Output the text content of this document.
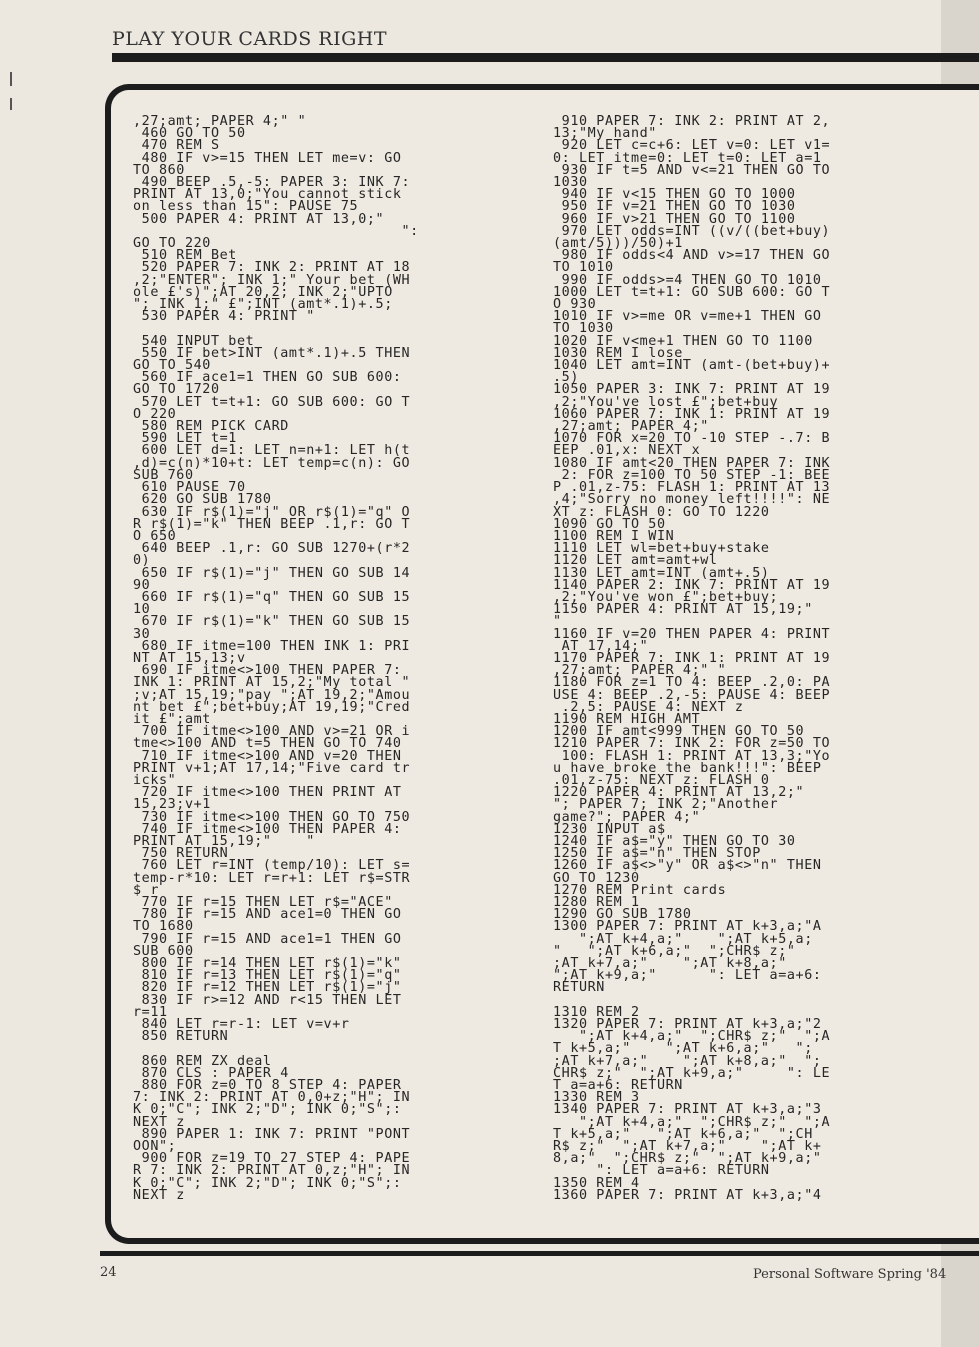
PLAY YOUR CARDS RIGHT
,27;amt; PAPER 4;" "
460 GO TO 50
470 REM S
480 IF v>=15 THEN LET me=v: GO
TO 860
490 BEEP .5,-5: PAPER 3: INK 7:
PRINT AT 13,0;"You cannot stick
on less than 15": PAUSE 75
500 PAPER 4: PRINT AT 13,0;"
":
GO TO 220
510 REM Bet
520 PAPER 7: INK 2: PRINT AT 18
,2;"ENTER"; INK 1;" Your bet (WH
ole £'s)";AT 20,2; INK 2;"UPTO
"; INK 1;" £";INT (amt*.1)+.5;
530 PAPER 4: PRINT "

540 INPUT bet
550 IF bet>INT (amt*.1)+.5 THEN
GO TO 540
560 IF ace1=1 THEN GO SUB 600:
GO TO 1720
570 LET t=t+1: GO SUB 600: GO T
O 220
580 REM PICK CARD
590 LET t=1
600 LET d=1: LET n=n+1: LET h(t
,d)=c(n)*10+t: LET temp=c(n): GO
SUB 760
610 PAUSE 70
620 GO SUB 1780
630 IF r$(1)="j" OR r$(1)="q" O
R r$(1)="k" THEN BEEP .1,r: GO T
O 650
640 BEEP .1,r: GO SUB 1270+(r*2
0)
650 IF r$(1)="j" THEN GO SUB 14
90
660 IF r$(1)="q" THEN GO SUB 15
10
670 IF r$(1)="k" THEN GO SUB 15
30
680 IF itme=100 THEN INK 1: PRI
NT AT 15,13;v
690 IF itme<>100 THEN PAPER 7:
INK 1: PRINT AT 15,2;"My total "
;v;AT 15,19;"pay ";AT 19,2;"Amou
nt bet £";bet+buy;AT 19,19;"Cred
it £";amt
700 IF itme<>100 AND v>=21 OR i
tme<>100 AND t=5 THEN GO TO 740
710 IF itme<>100 AND v=20 THEN
PRINT v+1;AT 17,14;"Five card tr
icks"
720 IF itme<>100 THEN PRINT AT
15,23;v+1
730 IF itme<>100 THEN GO TO 750
740 IF itme<>100 THEN PAPER 4:
PRINT AT 15,19;"    "
750 RETURN
760 LET r=INT (temp/10): LET s=
temp-r*10: LET r=r+1: LET r$=STR
$ r
770 IF r=15 THEN LET r$="ACE"
780 IF r=15 AND ace1=0 THEN GO
TO 1680
790 IF r=15 AND ace1=1 THEN GO
SUB 600
800 IF r=14 THEN LET r$(1)="k"
810 IF r=13 THEN LET r$(1)="q"
820 IF r=12 THEN LET r$(1)="j"
830 IF r>=12 AND r<15 THEN LET
r=11
840 LET r=r-1: LET v=v+r
850 RETURN

860 REM ZX deal
870 CLS : PAPER 4
880 FOR z=0 TO 8 STEP 4: PAPER
7: INK 2: PRINT AT 0,0+z;"H"; IN
K 0;"C"; INK 2;"D"; INK 0;"S";:
NEXT z
890 PAPER 1: INK 7: PRINT "PONT
OON";
900 FOR z=19 TO 27 STEP 4: PAPE
R 7: INK 2: PRINT AT 0,z;"H"; IN
K 0;"C"; INK 2;"D"; INK 0;"S";:
NEXT z
910 PAPER 7: INK 2: PRINT AT 2,
13;"My hand"
920 LET c=c+6: LET v=0: LET v1=
0: LET itme=0: LET t=0: LET a=1
930 IF t=5 AND v<=21 THEN GO TO
1030
940 IF v<15 THEN GO TO 1000
950 IF v=21 THEN GO TO 1030
960 IF v>21 THEN GO TO 1100
970 LET odds=INT ((v/((bet+buy)
(amt/5)))/50)+1
980 IF odds<4 AND v>=17 THEN GO
TO 1010
990 IF odds>=4 THEN GO TO 1010
1000 LET t=t+1: GO SUB 600: GO T
O 930
1010 IF v>=me OR v=me+1 THEN GO
TO 1030
1020 IF v<me+1 THEN GO TO 1100
1030 REM I lose
1040 LET amt=INT (amt-(bet+buy)+
.5)
1050 PAPER 3: INK 7: PRINT AT 19
,2;"You've lost £";bet+buy
1060 PAPER 7: INK 1: PRINT AT 19
,27;amt; PAPER 4;"
1070 FOR x=20 TO -10 STEP -.7: B
EEP .01,x: NEXT x
1080 IF amt<20 THEN PAPER 7: INK
2: FOR z=100 TO 50 STEP -1: BEE
P .01,z-75: FLASH 1: PRINT AT 13
,4;"Sorry no money left!!!!": NE
XT z: FLASH 0: GO TO 1220
1090 GO TO 50
1100 REM I WIN
1110 LET wl=bet+buy+stake
1120 LET amt=amt+wl
1130 LET amt=INT (amt+.5)
1140 PAPER 2: INK 7: PRINT AT 19
,2;"You've won £";bet+buy;
1150 PAPER 4: PRINT AT 15,19;"
"
1160 IF v=20 THEN PAPER 4: PRINT
AT 17,14;"
1170 PAPER 7: INK 1: PRINT AT 19
,27;amt; PAPER 4;" "
1180 FOR z=1 TO 4: BEEP .2,0: PA
USE 4: BEEP .2,-5: PAUSE 4: BEEP
.2,5: PAUSE 4: NEXT z
1190 REM HIGH AMT
1200 IF amt<999 THEN GO TO 50
1210 PAPER 7: INK 2: FOR z=50 TO
100: FLASH 1: PRINT AT 13,3;"Yo
u have broke the bank!!!": BEEP
.01,z-75: NEXT z: FLASH 0
1220 PAPER 4: PRINT AT 13,2;"
"; PAPER 7; INK 2;"Another
game?"; PAPER 4;"
1230 INPUT a$
1240 IF a$="y" THEN GO TO 30
1250 IF a$="n" THEN STOP
1260 IF a$<>"y" OR a$<>"n" THEN
GO TO 1230
1270 REM Print cards
1280 REM 1
1290 GO SUB 1780
1300 PAPER 7: PRINT AT k+3,a;"A
";AT k+4,a;"    ";AT k+5,a;
"   ";AT k+6,a;"  ";CHR$ z;"
;AT k+7,a;"    ";AT k+8,a;"
";AT k+9,a;"      ": LET a=a+6:
RETURN

1310 REM 2
1320 PAPER 7: PRINT AT k+3,a;"2
";AT k+4,a;"  ";CHR$ z;"  ";A
T k+5,a;"    ";AT k+6,a;"   ";
;AT k+7,a;"    ";AT k+8,a;"  ";
CHR$ z;"  ";AT k+9,a;"     ": LE
T a=a+6: RETURN
1330 REM 3
1340 PAPER 7: PRINT AT k+3,a;"3
";AT k+4,a;"  ";CHR$ z;"  ";A
T k+5,a;"   ";AT k+6,a;"  ";CH
R$ z;"  ";AT k+7,a;"    ";AT k+
8,a;"  ";CHR$ z;"  ";AT k+9,a;"
": LET a=a+6: RETURN
1350 REM 4
1360 PAPER 7: PRINT AT k+3,a;"4
24	Personal Software Spring '84
